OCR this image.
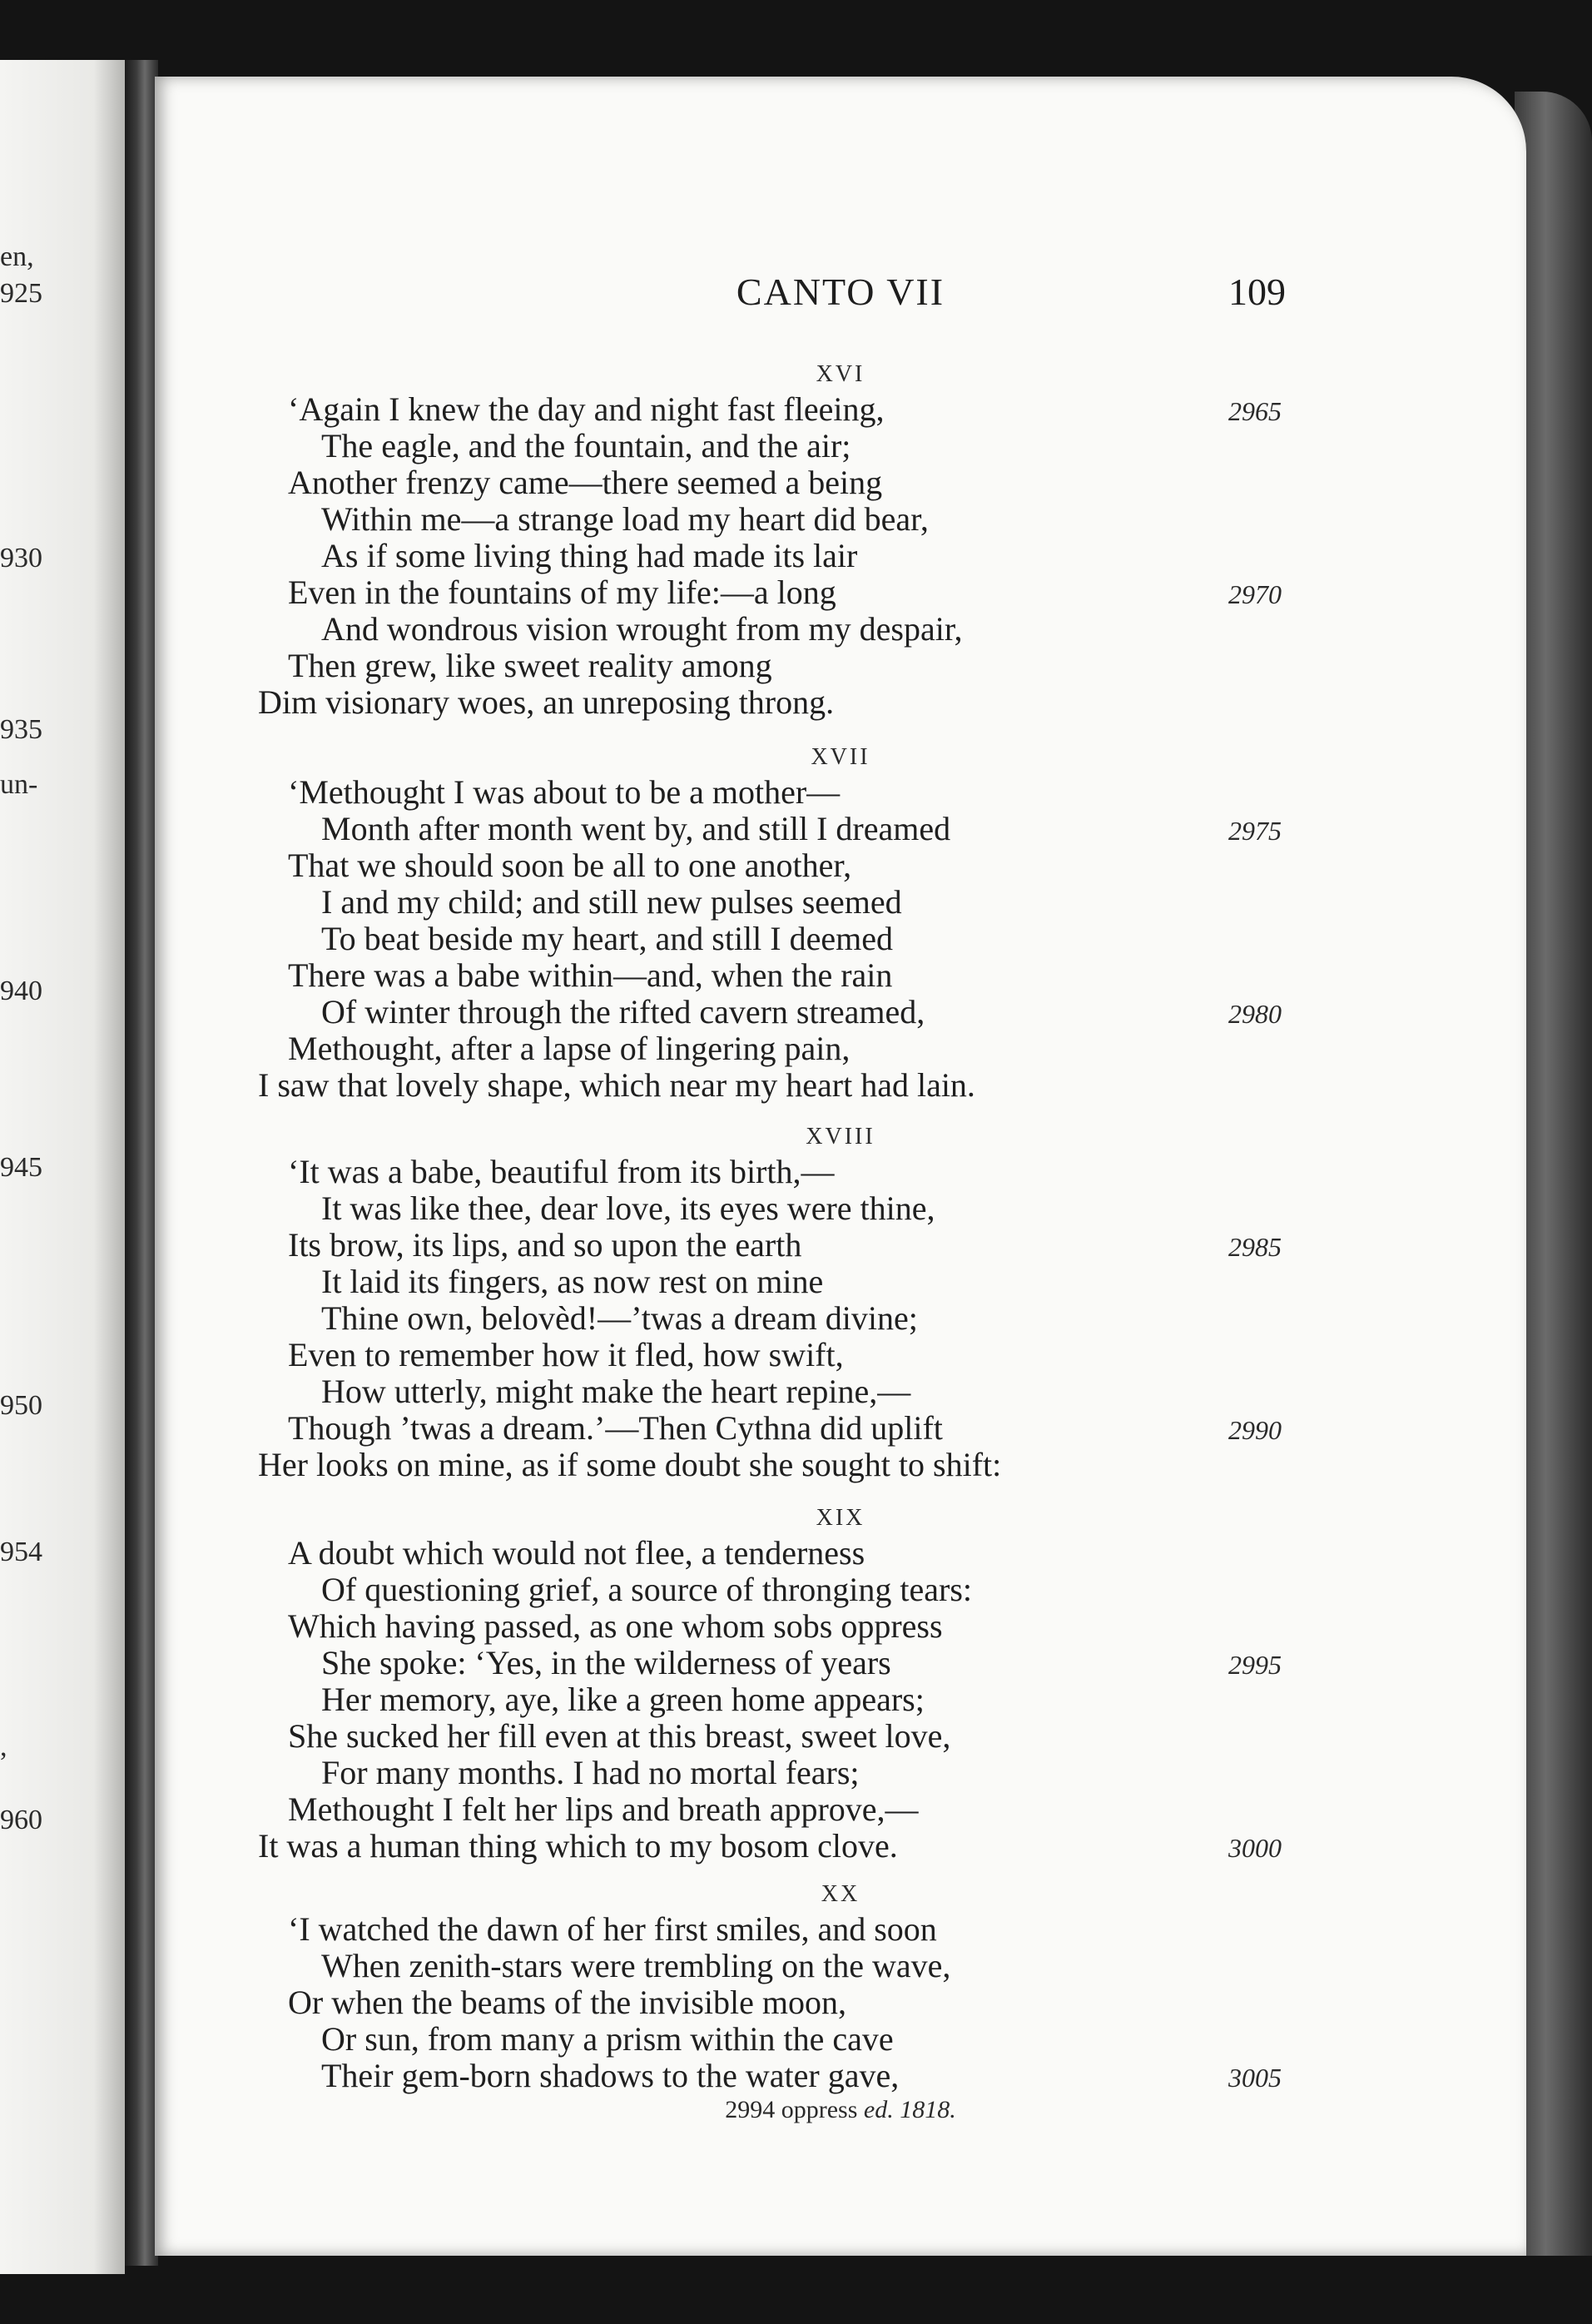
en,
925
930
935
un-
940
945
950
954
,
960
CANTO VII	109
XVI
‘Again I knew the day and night fast fleeing,	2965
The eagle, and the fountain, and the air;
Another frenzy came—there seemed a being
Within me—a strange load my heart did bear,
As if some living thing had made its lair
Even in the fountains of my life:—a long	2970
And wondrous vision wrought from my despair,
Then grew, like sweet reality among
Dim visionary woes, an unreposing throng.
XVII
‘Methought I was about to be a mother—
Month after month went by, and still I dreamed	2975
That we should soon be all to one another,
I and my child; and still new pulses seemed
To beat beside my heart, and still I deemed
There was a babe within—and, when the rain
Of winter through the rifted cavern streamed,	2980
Methought, after a lapse of lingering pain,
I saw that lovely shape, which near my heart had lain.
XVIII
‘It was a babe, beautiful from its birth,—
It was like thee, dear love, its eyes were thine,
Its brow, its lips, and so upon the earth	2985
It laid its fingers, as now rest on mine
Thine own, belovèd!—’twas a dream divine;
Even to remember how it fled, how swift,
How utterly, might make the heart repine,—
Though ’twas a dream.’—Then Cythna did uplift	2990
Her looks on mine, as if some doubt she sought to shift:
XIX
A doubt which would not flee, a tenderness
Of questioning grief, a source of thronging tears:
Which having passed, as one whom sobs oppress
She spoke: ‘Yes, in the wilderness of years	2995
Her memory, aye, like a green home appears;
She sucked her fill even at this breast, sweet love,
For many months. I had no mortal fears;
Methought I felt her lips and breath approve,—
It was a human thing which to my bosom clove.	3000
XX
‘I watched the dawn of her first smiles, and soon
When zenith-stars were trembling on the wave,
Or when the beams of the invisible moon,
Or sun, from many a prism within the cave
Their gem-born shadows to the water gave,	3005
2994 oppress ed. 1818.
